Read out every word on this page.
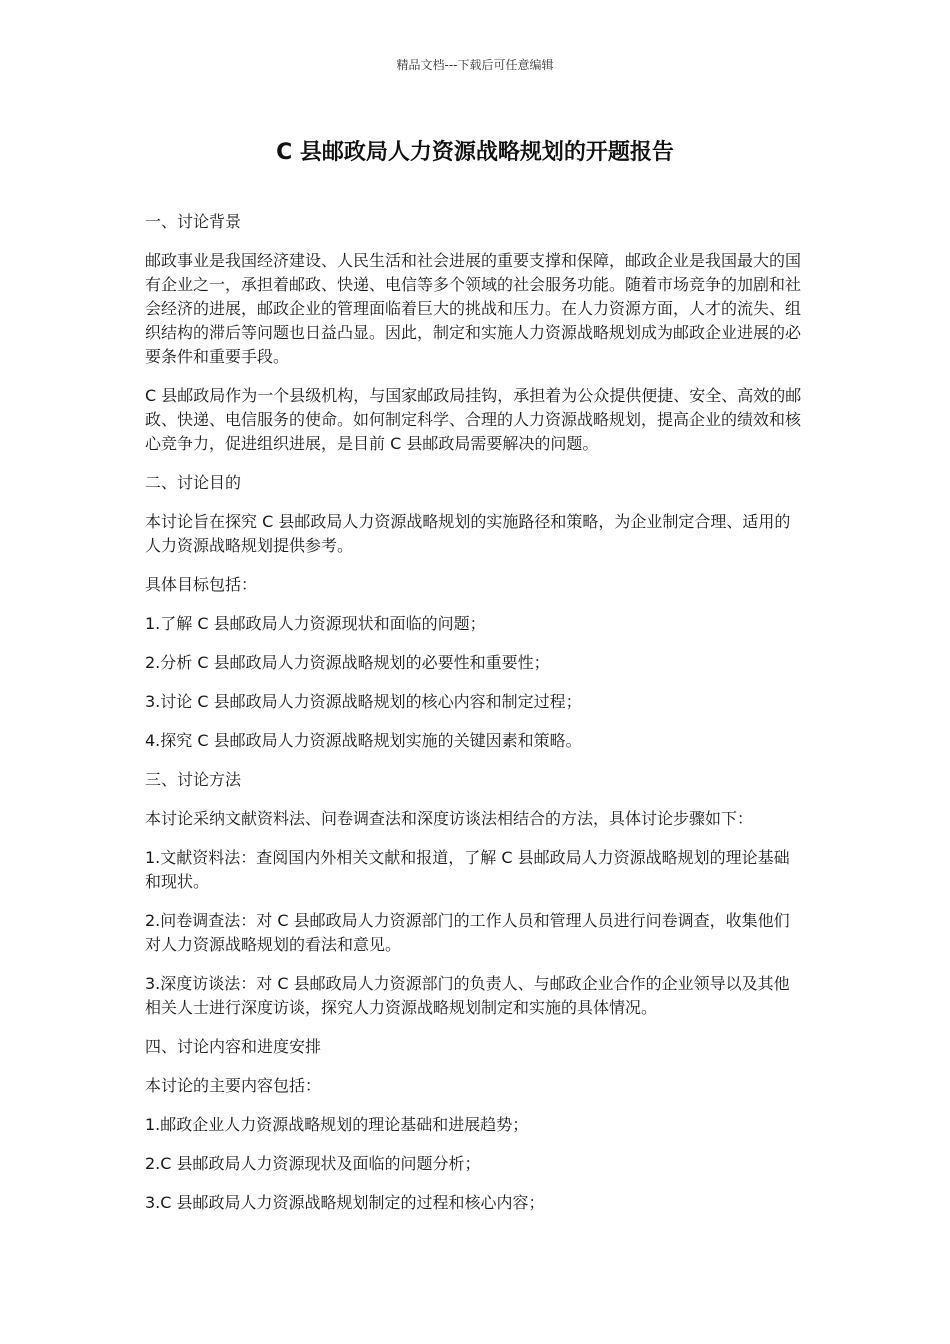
精品文档---下载后可任意编辑
C 县邮政局人力资源战略规划的开题报告

一、讨论背景

邮政事业是我国经济建设、人民生活和社会进展的重要支撑和保障，邮政企业是我国最大的国有企业之一，承担着邮政、快递、电信等多个领域的社会服务功能。随着市场竞争的加剧和社会经济的进展，邮政企业的管理面临着巨大的挑战和压力。在人力资源方面，人才的流失、组织结构的滞后等问题也日益凸显。因此，制定和实施人力资源战略规划成为邮政企业进展的必要条件和重要手段。

C 县邮政局作为一个县级机构，与国家邮政局挂钩，承担着为公众提供便捷、安全、高效的邮政、快递、电信服务的使命。如何制定科学、合理的人力资源战略规划，提高企业的绩效和核心竞争力，促进组织进展，是目前 C 县邮政局需要解决的问题。

二、讨论目的

本讨论旨在探究 C 县邮政局人力资源战略规划的实施路径和策略，为企业制定合理、适用的人力资源战略规划提供参考。

具体目标包括：

1.了解 C 县邮政局人力资源现状和面临的问题；

2.分析 C 县邮政局人力资源战略规划的必要性和重要性；

3.讨论 C 县邮政局人力资源战略规划的核心内容和制定过程；

4.探究 C 县邮政局人力资源战略规划实施的关键因素和策略。

三、讨论方法

本讨论采纳文献资料法、问卷调查法和深度访谈法相结合的方法，具体讨论步骤如下：

1.文献资料法：查阅国内外相关文献和报道，了解 C 县邮政局人力资源战略规划的理论基础和现状。

2.问卷调查法：对 C 县邮政局人力资源部门的工作人员和管理人员进行问卷调查，收集他们对人力资源战略规划的看法和意见。

3.深度访谈法：对 C 县邮政局人力资源部门的负责人、与邮政企业合作的企业领导以及其他相关人士进行深度访谈，探究人力资源战略规划制定和实施的具体情况。

四、讨论内容和进度安排

本讨论的主要内容包括：

1.邮政企业人力资源战略规划的理论基础和进展趋势；

2.C 县邮政局人力资源现状及面临的问题分析；

3.C 县邮政局人力资源战略规划制定的过程和核心内容；
